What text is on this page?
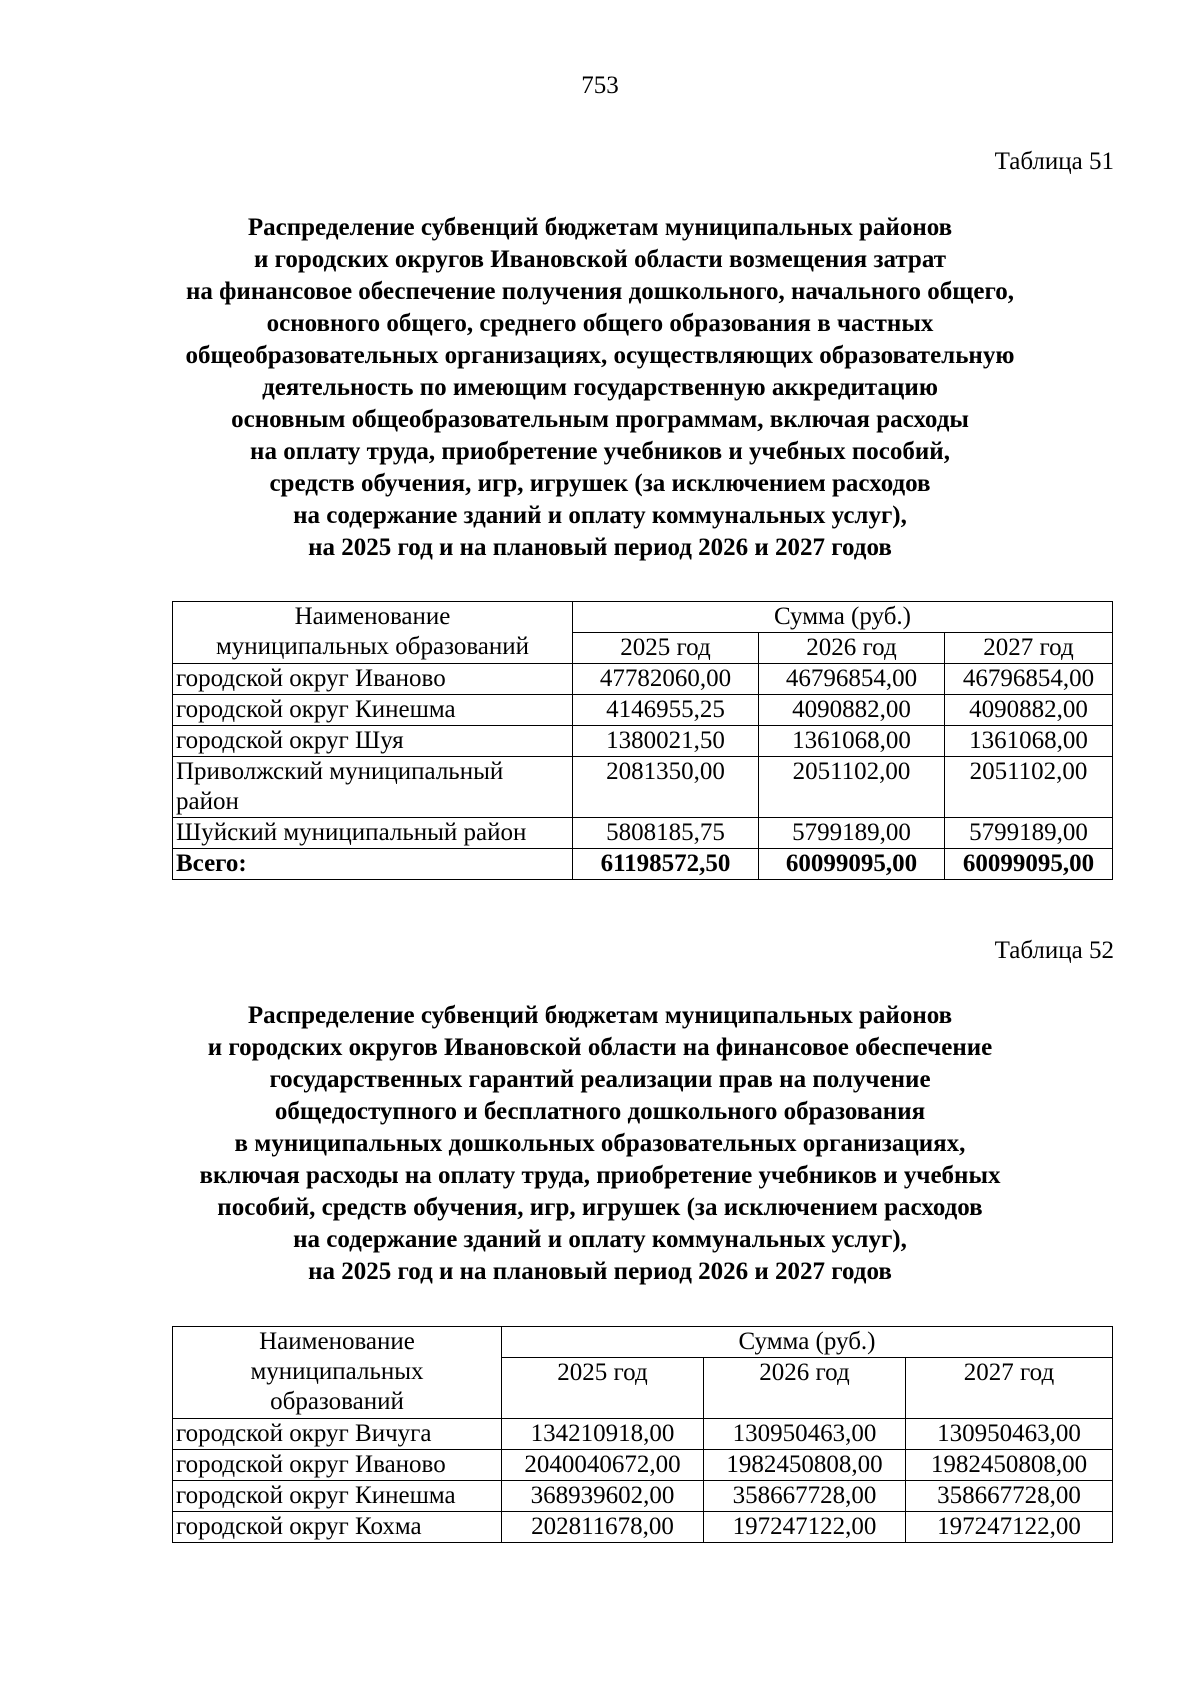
753
Таблица 51
Распределение субвенций бюджетам муниципальных районов
и городских округов Ивановской области возмещения затрат
на финансовое обеспечение получения дошкольного, начального общего,
основного общего, среднего общего образования в частных
общеобразовательных организациях, осуществляющих образовательную
деятельность по имеющим государственную аккредитацию
основным общеобразовательным программам, включая расходы
на оплату труда, приобретение учебников и учебных пособий,
средств обучения, игр, игрушек (за исключением расходов
на содержание зданий и оплату коммунальных услуг),
на 2025 год и на плановый период 2026 и 2027 годов
Наименование
муниципальных образований	Сумма (руб.)		
	2025 год	2026 год	2027 год
городской округ Иваново	47782060,00	46796854,00	46796854,00
городской округ Кинешма	4146955,25	4090882,00	4090882,00
городской округ Шуя	1380021,50	1361068,00	1361068,00
Приволжский муниципальный район	2081350,00	2051102,00	2051102,00
Шуйский муниципальный район	5808185,75	5799189,00	5799189,00
Всего:	61198572,50	60099095,00	60099095,00
Таблица 52
Распределение субвенций бюджетам муниципальных районов
и городских округов Ивановской области на финансовое обеспечение
государственных гарантий реализации прав на получение
общедоступного и бесплатного дошкольного образования
в муниципальных дошкольных образовательных организациях,
включая расходы на оплату труда, приобретение учебников и учебных
пособий, средств обучения, игр, игрушек (за исключением расходов
на содержание зданий и оплату коммунальных услуг),
на 2025 год и на плановый период 2026 и 2027 годов
Наименование
муниципальных
образований	Сумма (руб.)		
	2025 год	2026 год	2027 год
городской округ Вичуга	134210918,00	130950463,00	130950463,00
городской округ Иваново	2040040672,00	1982450808,00	1982450808,00
городской округ Кинешма	368939602,00	358667728,00	358667728,00
городской округ Кохма	202811678,00	197247122,00	197247122,00
